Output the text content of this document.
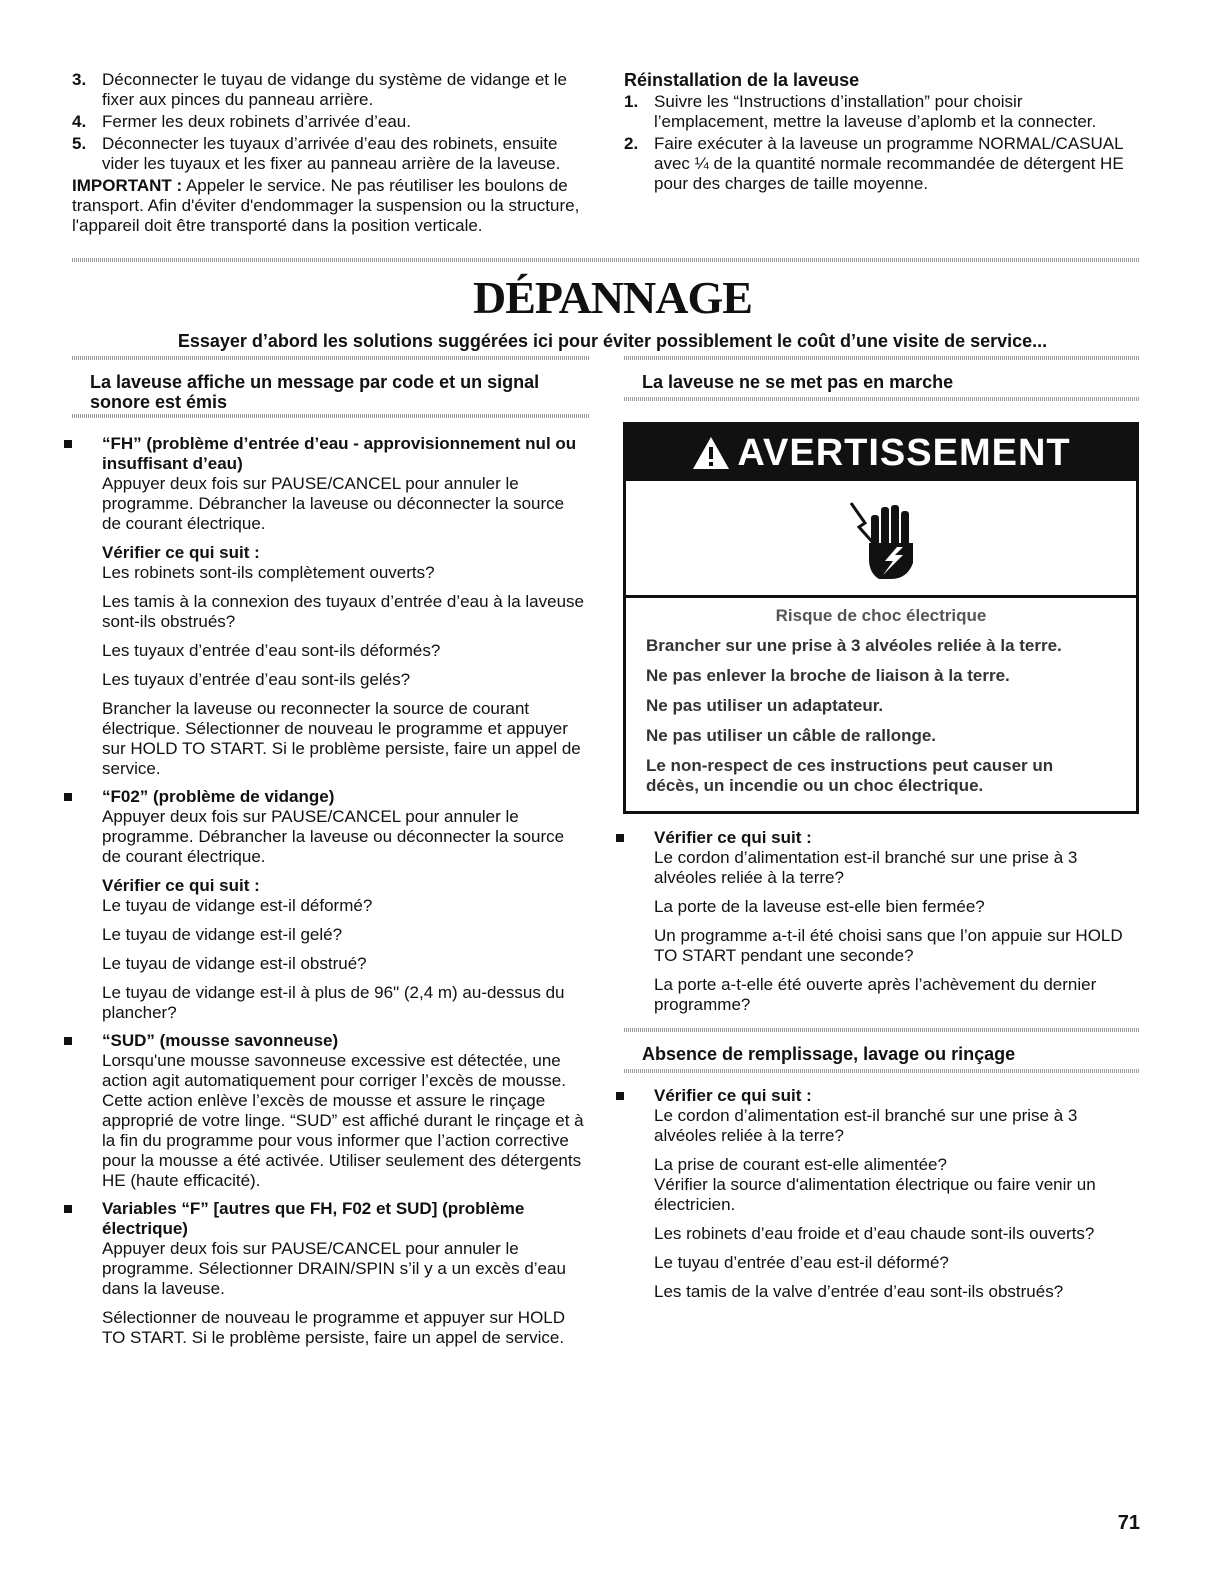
3. Déconnecter le tuyau de vidange du système de vidange et le fixer aux pinces du panneau arrière.
4. Fermer les deux robinets d’arrivée d’eau.
5. Déconnecter les tuyaux d’arrivée d’eau des robinets, ensuite vider les tuyaux et les fixer au panneau arrière de la laveuse.
IMPORTANT : Appeler le service. Ne pas réutiliser les boulons de transport. Afin d'éviter d'endommager la suspension ou la structure, l'appareil doit être transporté dans la position verticale.
Réinstallation de la laveuse
1. Suivre les “Instructions d’installation” pour choisir l’emplacement, mettre la laveuse d’aplomb et la connecter.
2. Faire exécuter à la laveuse un programme NORMAL/CASUAL avec ¼ de la quantité normale recommandée de détergent HE pour des charges de taille moyenne.
DÉPANNAGE
Essayer d’abord les solutions suggérées ici pour éviter possiblement le coût d’une visite de service...
La laveuse affiche un message par code et un signal sonore est émis
La laveuse ne se met pas en marche
“FH” (problème d’entrée d’eau - approvisionnement nul ou insuffisant d’eau)
Appuyer deux fois sur PAUSE/CANCEL pour annuler le programme. Débrancher la laveuse ou déconnecter la source de courant électrique.
Vérifier ce qui suit :
Les robinets sont-ils complètement ouverts?
Les tamis à la connexion des tuyaux d’entrée d’eau à la laveuse sont-ils obstrués?
Les tuyaux d’entrée d’eau sont-ils déformés?
Les tuyaux d’entrée d’eau sont-ils gelés?
Brancher la laveuse ou reconnecter la source de courant électrique. Sélectionner de nouveau le programme et appuyer sur HOLD TO START. Si le problème persiste, faire un appel de service.
“F02” (problème de vidange)
Appuyer deux fois sur PAUSE/CANCEL pour annuler le programme. Débrancher la laveuse ou déconnecter la source de courant électrique.
Vérifier ce qui suit :
Le tuyau de vidange est-il déformé?
Le tuyau de vidange est-il gelé?
Le tuyau de vidange est-il obstrué?
Le tuyau de vidange est-il à plus de 96" (2,4 m) au-dessus du plancher?
“SUD” (mousse savonneuse)
Lorsqu'une mousse savonneuse excessive est détectée, une action agit automatiquement pour corriger l’excès de mousse. Cette action enlève l’excès de mousse et assure le rinçage approprié de votre linge. “SUD” est affiché durant le rinçage et à la fin du programme pour vous informer que l’action corrective pour la mousse a été activée. Utiliser seulement des détergents HE (haute efficacité).
Variables “F” [autres que FH, F02 et SUD] (problème électrique)
Appuyer deux fois sur PAUSE/CANCEL pour annuler le programme. Sélectionner DRAIN/SPIN s’il y a un excès d’eau dans la laveuse.
Sélectionner de nouveau le programme et appuyer sur HOLD TO START. Si le problème persiste, faire un appel de service.
AVERTISSEMENT
Risque de choc électrique
Brancher sur une prise à 3 alvéoles reliée à la terre.
Ne pas enlever la broche de liaison à la terre.
Ne pas utiliser un adaptateur.
Ne pas utiliser un câble de rallonge.
Le non-respect de ces instructions peut causer un décès, un incendie ou un choc électrique.
Vérifier ce qui suit :
Le cordon d’alimentation est-il branché sur une prise à 3 alvéoles reliée à la terre?
La porte de la laveuse est-elle bien fermée?
Un programme a-t-il été choisi sans que l’on appuie sur HOLD TO START pendant une seconde?
La porte a-t-elle été ouverte après l’achèvement du dernier programme?
Absence de remplissage, lavage ou rinçage
Vérifier ce qui suit :
Le cordon d’alimentation est-il branché sur une prise à 3 alvéoles reliée à la terre?
La prise de courant est-elle alimentée?
Vérifier la source d'alimentation électrique ou faire venir un électricien.
Les robinets d’eau froide et d’eau chaude sont-ils ouverts?
Le tuyau d’entrée d’eau est-il déformé?
Les tamis de la valve d’entrée d’eau sont-ils obstrués?
71
